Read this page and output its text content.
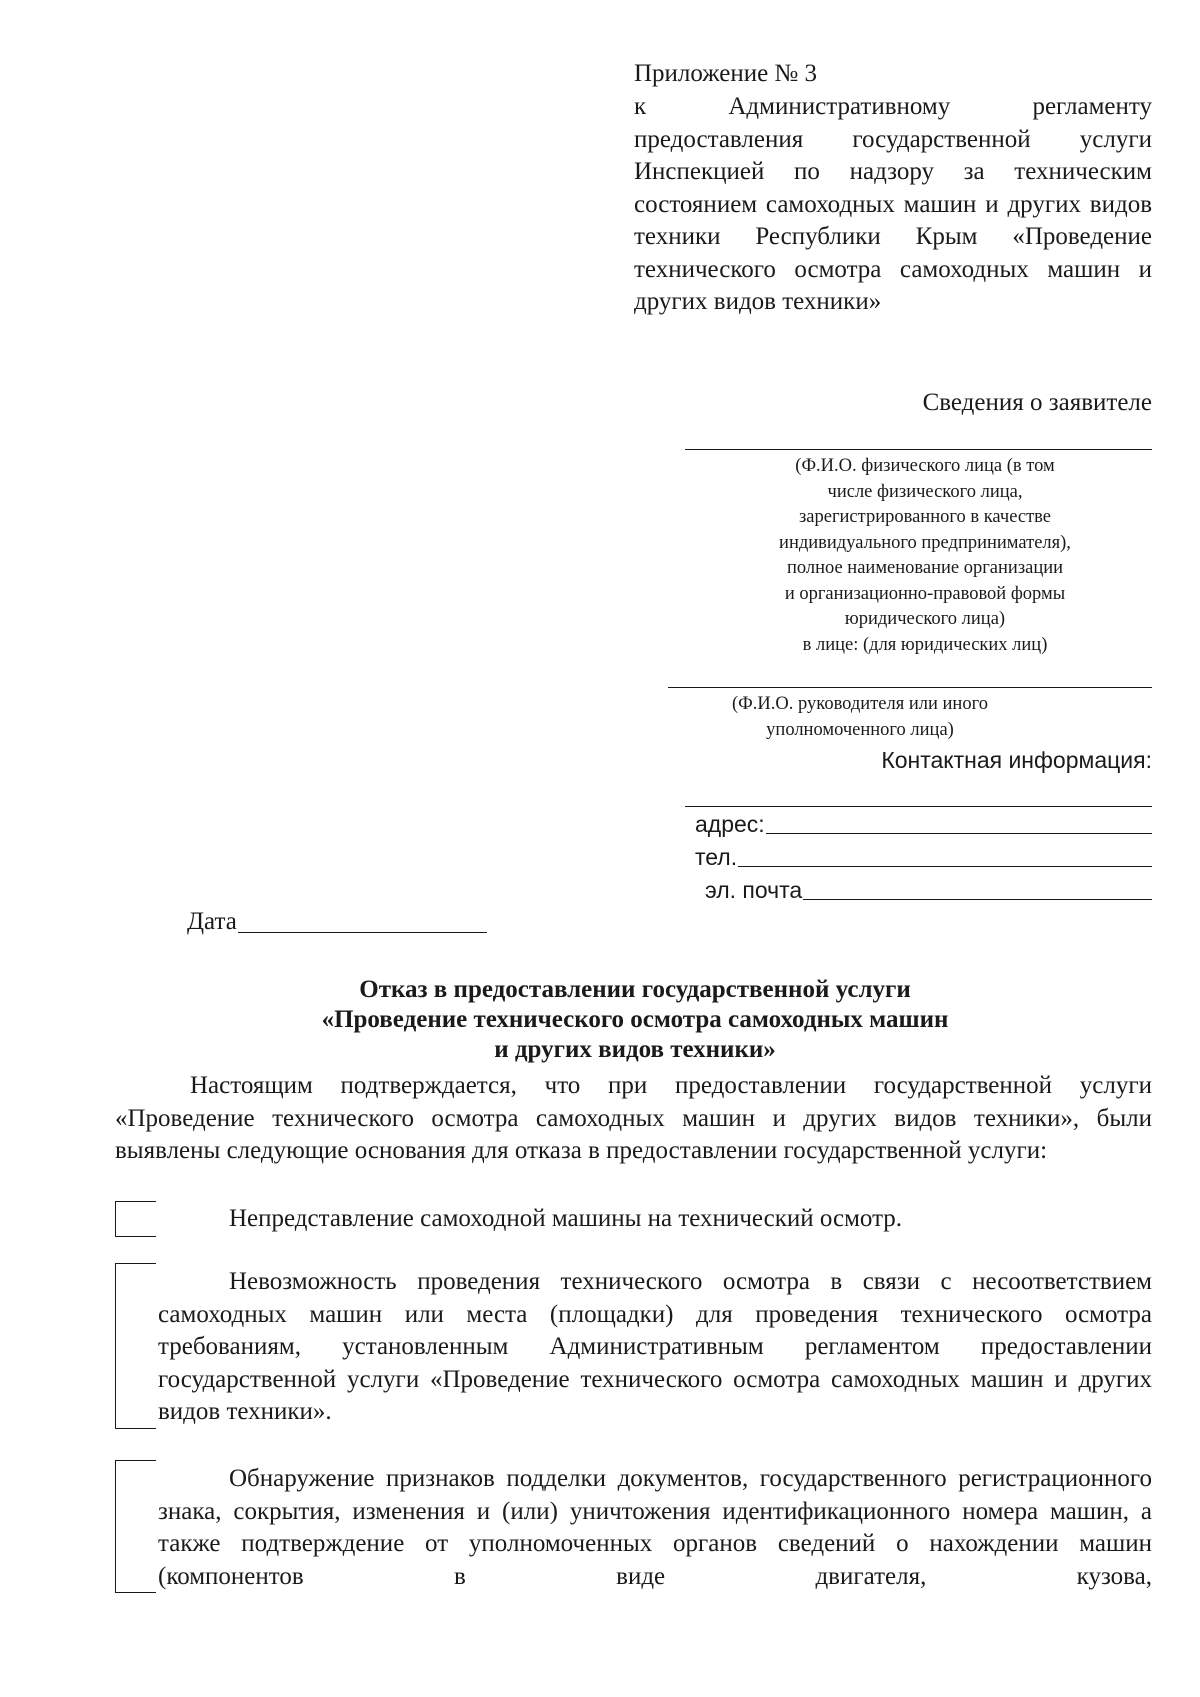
Приложение № 3
к Административному регламенту предоставления государственной услуги Инспекцией по надзору за техническим состоянием самоходных машин и других видов техники Республики Крым «Проведение технического осмотра самоходных машин и других видов техники»
Сведения о заявителе
(Ф.И.О. физического лица (в том
числе физического лица,
зарегистрированного в качестве
индивидуального предпринимателя),
полное наименование организации
и организационно-правовой формы
юридического лица)
в лице: (для юридических лиц)
(Ф.И.О. руководителя или иного
уполномоченного лица)
Контактная информация:
адрес:
тел.
эл. почта
Дата
Отказ в предоставлении государственной услуги
«Проведение технического осмотра самоходных машин
и других видов техники»
Настоящим подтверждается, что при предоставлении государственной услуги «Проведение технического осмотра самоходных машин и других видов техники», были выявлены следующие основания для отказа в предоставлении государственной услуги:
Непредставление самоходной машины на технический осмотр.
Невозможность проведения технического осмотра в связи с несоответствием самоходных машин или места (площадки) для проведения технического осмотра требованиям, установленным Административным регламентом предоставлении государственной услуги «Проведение технического осмотра самоходных машин и других видов техники».
Обнаружение признаков подделки документов, государственного регистрационного знака, сокрытия, изменения и (или) уничтожения идентификационного номера машин, а также подтверждение от уполномоченных органов сведений о нахождении машин (компонентов в виде двигателя, кузова,
